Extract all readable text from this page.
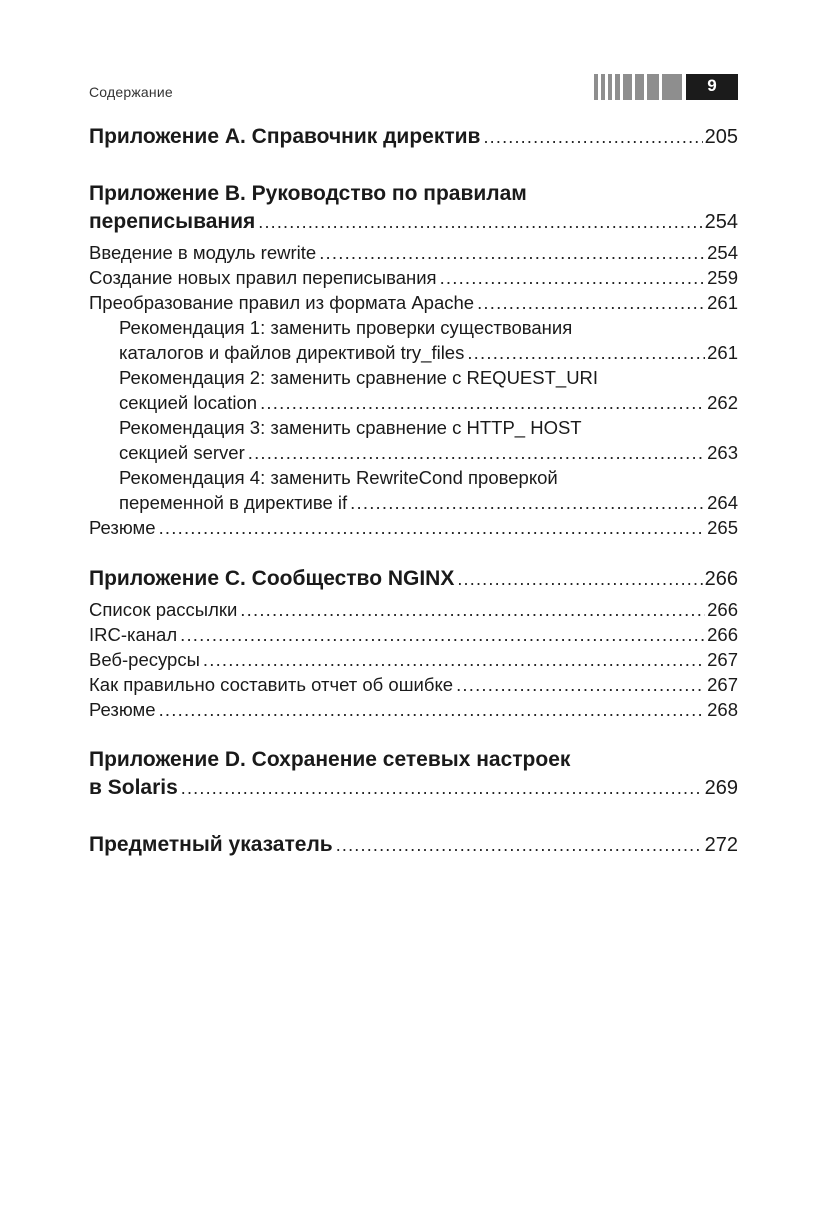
Содержание	9
Приложение A. Справочник директив .....	205
Приложение B. Руководство по правилам
переписывания .....	254
Введение в модуль rewrite .....	254
Создание новых правил переписывания .....	259
Преобразование правил из формата Apache .....	261
Рекомендация 1: заменить проверки существования
каталогов и файлов директивой try_files .....	261
Рекомендация 2: заменить сравнение с REQUEST_URI
секцией location .....	262
Рекомендация 3: заменить сравнение с HTTP_ HOST
секцией server .....	263
Рекомендация 4: заменить RewriteCond проверкой
переменной в директиве if .....	264
Резюме .....	265
Приложение C. Сообщество NGINX .....	266
Список рассылки .....	266
IRC-канал .....	266
Веб-ресурсы .....	267
Как правильно составить отчет об ошибке .....	267
Резюме .....	268
Приложение D. Сохранение сетевых настроек
в Solaris .....	269
Предметный указатель .....	272
